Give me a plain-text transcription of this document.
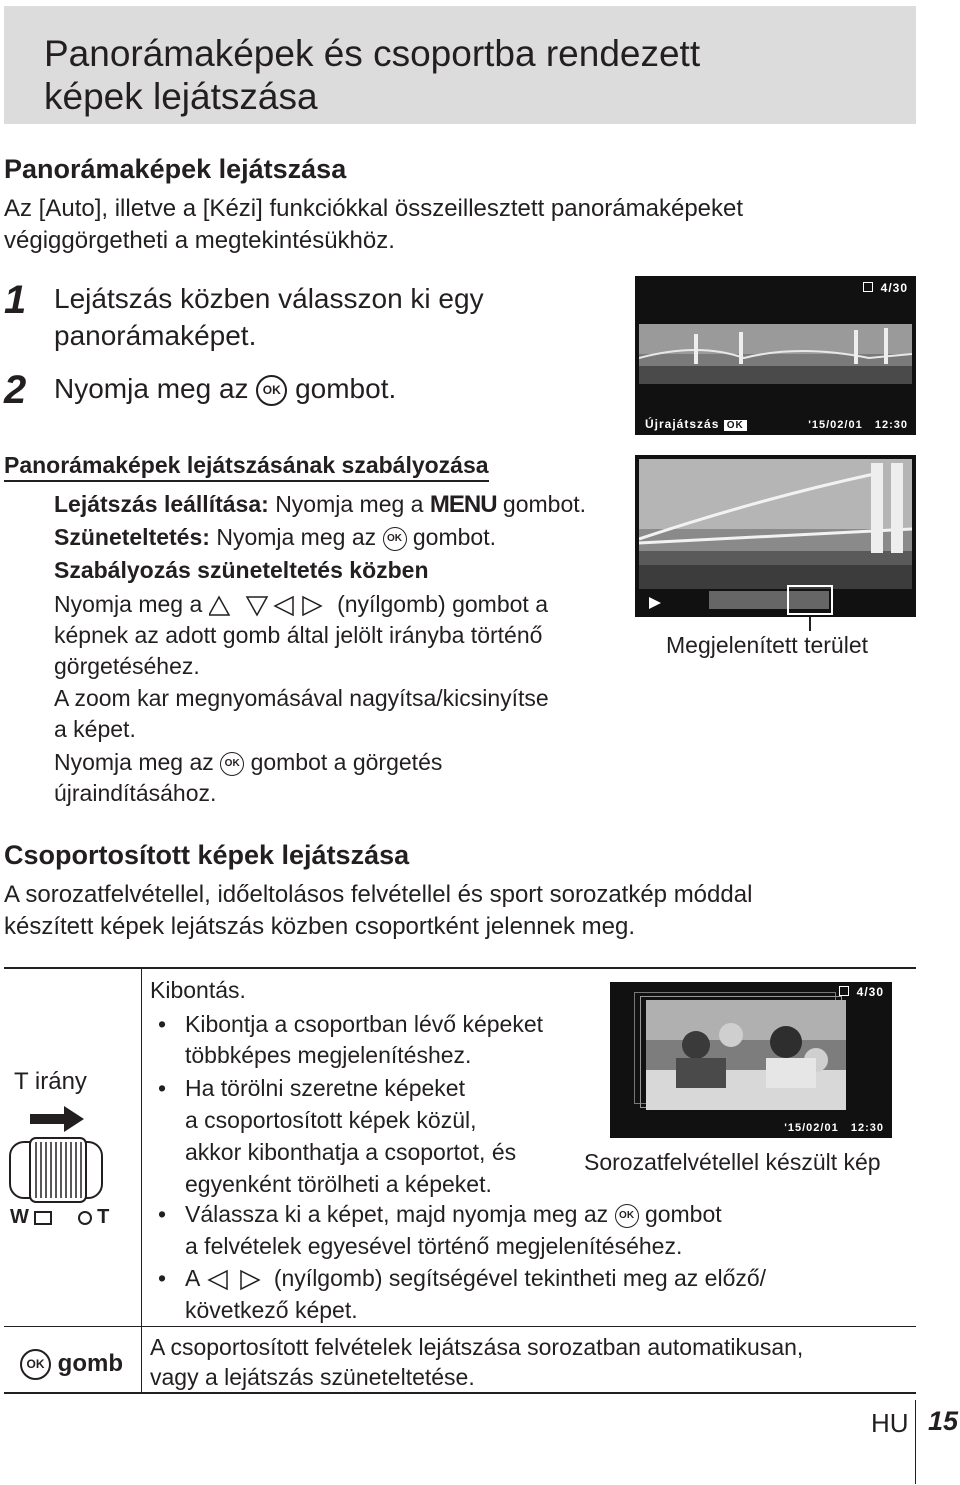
Panorámaképek és csoportba rendezett
képek lejátszása
Panorámaképek lejátszása
Az [Auto], illetve a [Kézi] funkciókkal összeillesztett panorámaképeket
végiggörgetheti a megtekintésükhöz.
1 Lejátszás közben válasszon ki egy
panorámaképet.
2 Nyomja meg az OK gombot.
4/30
Újrajátszás OK	'15/02/01 12:30
Panorámaképek lejátszásának szabályozása
Lejátszás leállítása: Nyomja meg a MENU gombot.
Szüneteltetés: Nyomja meg az OK gombot.
Szabályozás szüneteltetés közben
Nyomja meg a	(nyílgomb) gombot a
képnek az adott gomb által jelölt irányba történő
görgetéséhez.
A zoom kar megnyomásával nagyítsa/kicsinyítse
a képet.
Nyomja meg az OK gombot a görgetés
újraindításához.
Megjelenített terület
Csoportosított képek lejátszása
A sorozatfelvétellel, időeltolásos felvétellel és sport sorozatkép móddal
készített képek lejátszás közben csoportként jelennek meg.
T irány
W	T
Kibontás.
• Kibontja a csoportban lévő képeket
többképes megjelenítéshez.
• Ha törölni szeretne képeket
a csoportosított képek közül,
akkor kibonthatja a csoportot, és
egyenként törölheti a képeket.
• Válassza ki a képet, majd nyomja meg az OK gombot
a felvételek egyesével történő megjelenítéséhez.
• A	(nyílgomb) segítségével tekintheti meg az előző/
következő képet.
4/30
'15/02/01 12:30
Sorozatfelvétellel készült kép
OK gomb
A csoportosított felvételek lejátszása sorozatban automatikusan,
vagy a lejátszás szüneteltetése.
HU 15
